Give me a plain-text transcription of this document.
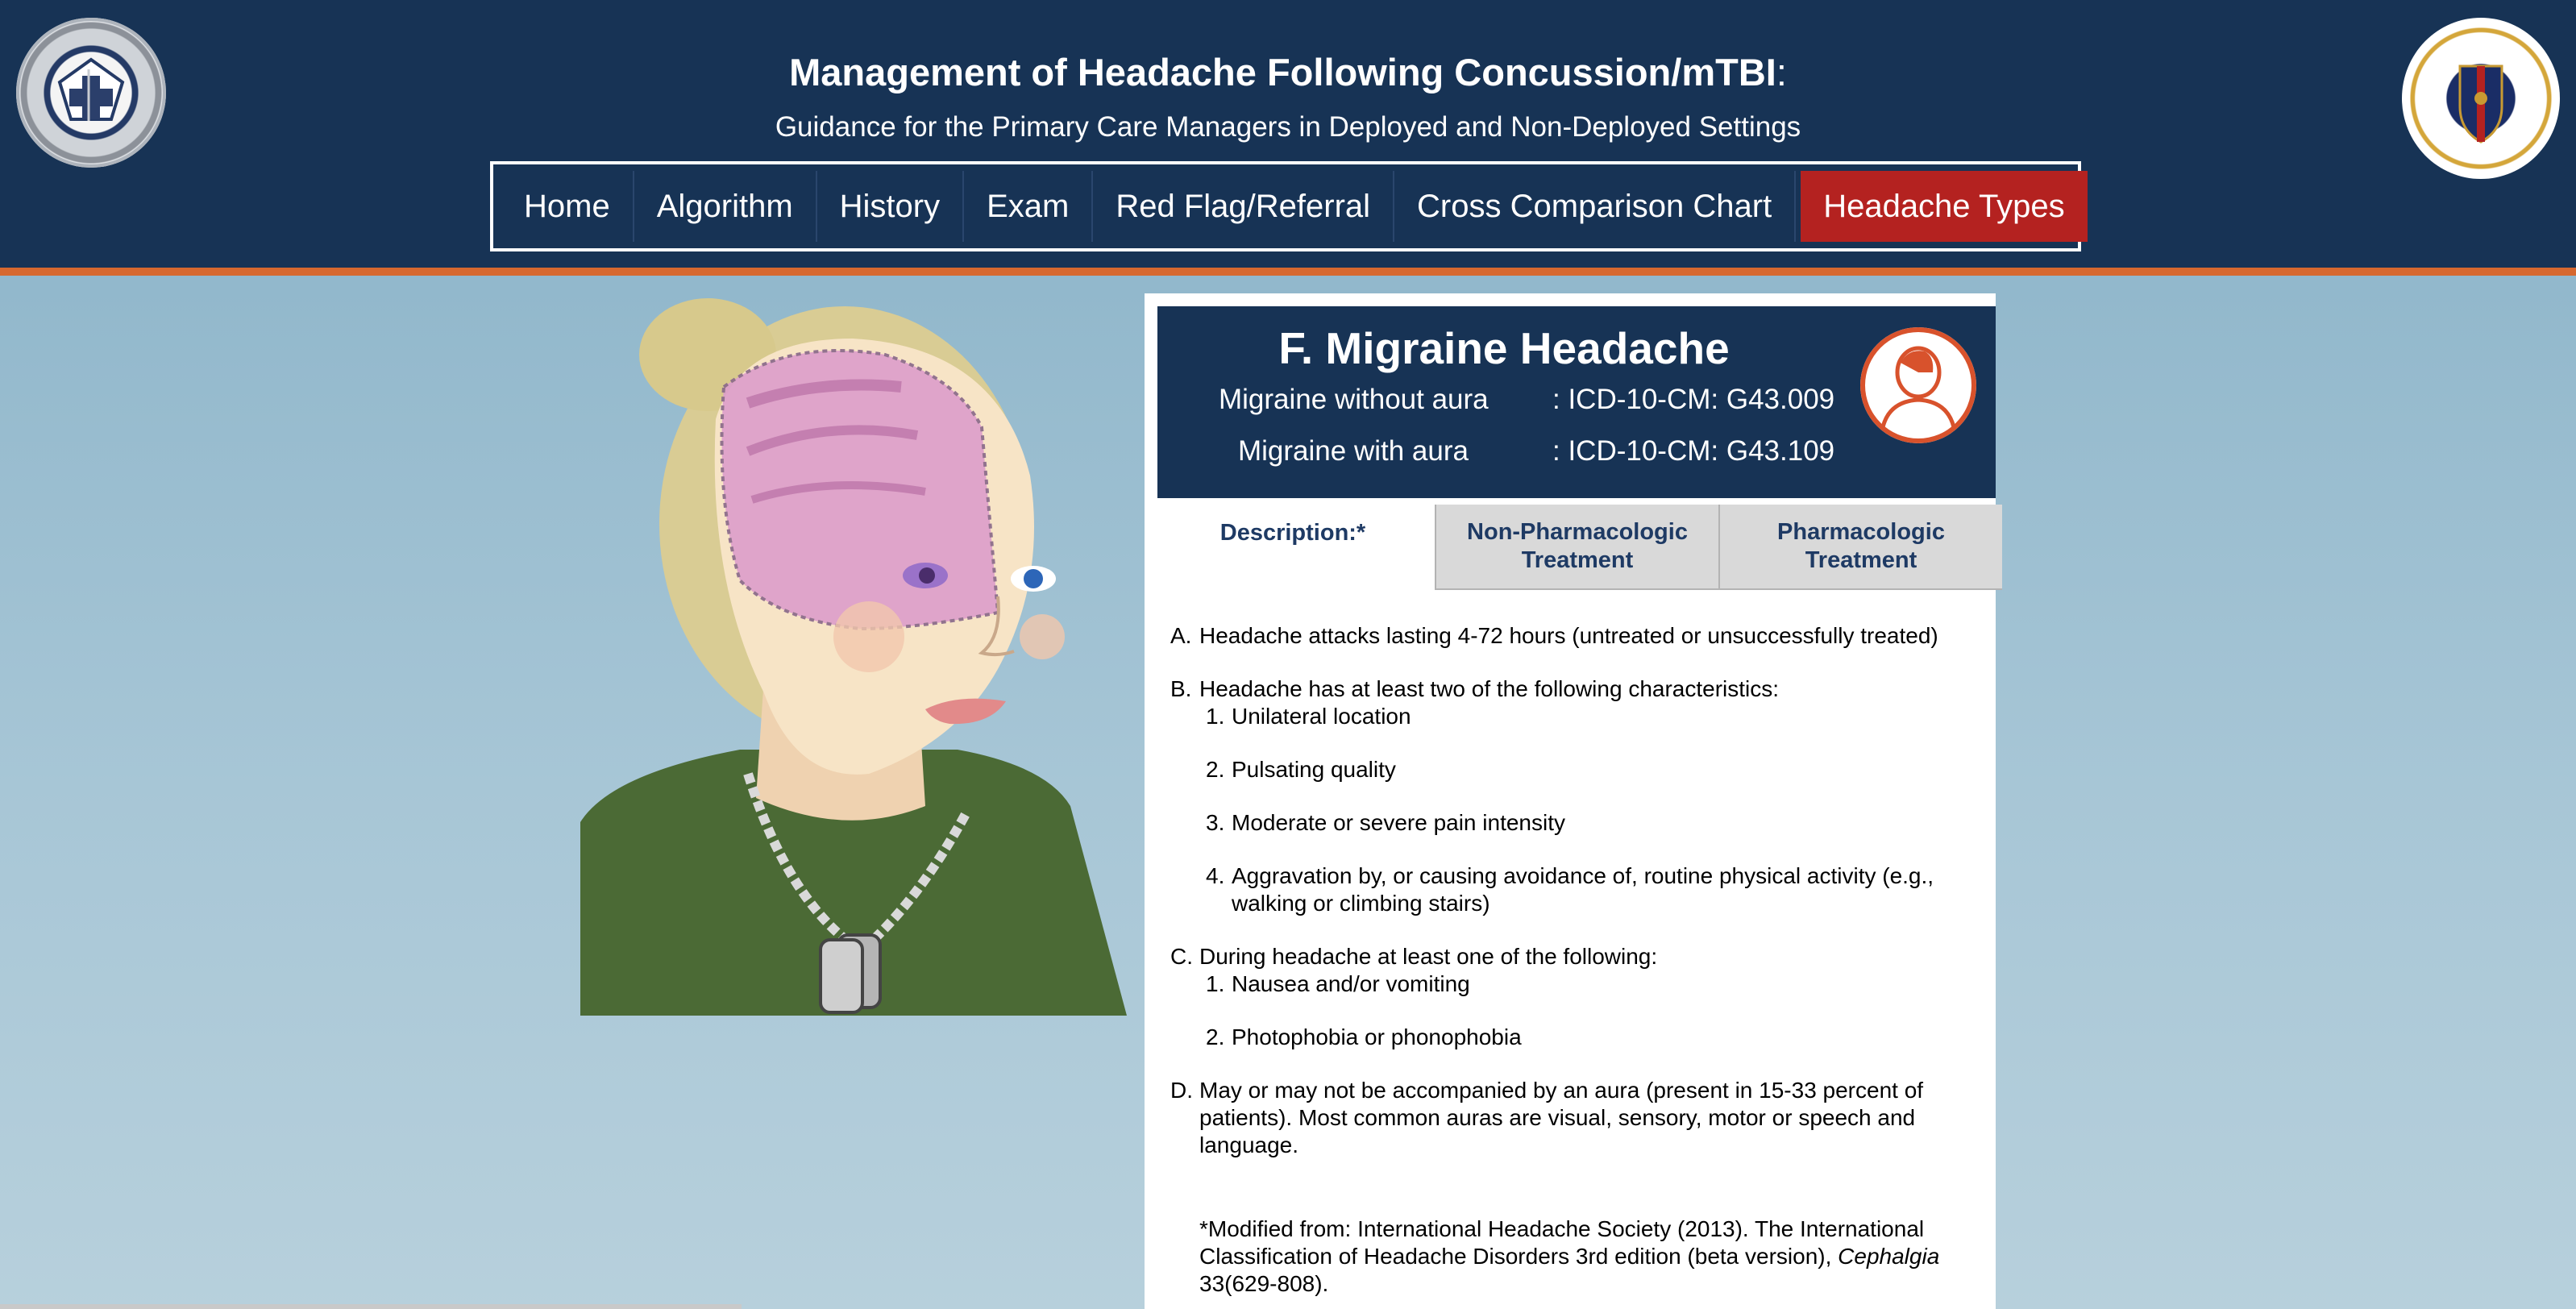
Management of Headache Following Concussion/mTBI:
Guidance for the Primary Care Managers in Deployed and Non-Deployed Settings
Home	Algorithm	History	Exam	Red Flag/Referral	Cross Comparison Chart	Headache Types
F. Migraine Headache
Migraine without aura : ICD-10-CM: G43.009
Migraine with aura	: ICD-10-CM: G43.109
Description:*	Non-Pharmacologic Treatment
Pharmacologic Treatment
A. Headache attacks lasting 4-72 hours (untreated or unsuccessfully treated)
B. Headache has at least two of the following characteristics:
1. Unilateral location
2. Pulsating quality
3. Moderate or severe pain intensity
4. Aggravation by, or causing avoidance of, routine physical activity (e.g., walking or climbing stairs)
C. During headache at least one of the following:
1. Nausea and/or vomiting
2. Photophobia or phonophobia
D. May or may not be accompanied by an aura (present in 15-33 percent of patients). Most common auras are visual, sensory, motor or speech and language.
*Modified from: International Headache Society (2013). The International Classification of Headache Disorders 3rd edition (beta version), Cephalgia 33(629-808).
